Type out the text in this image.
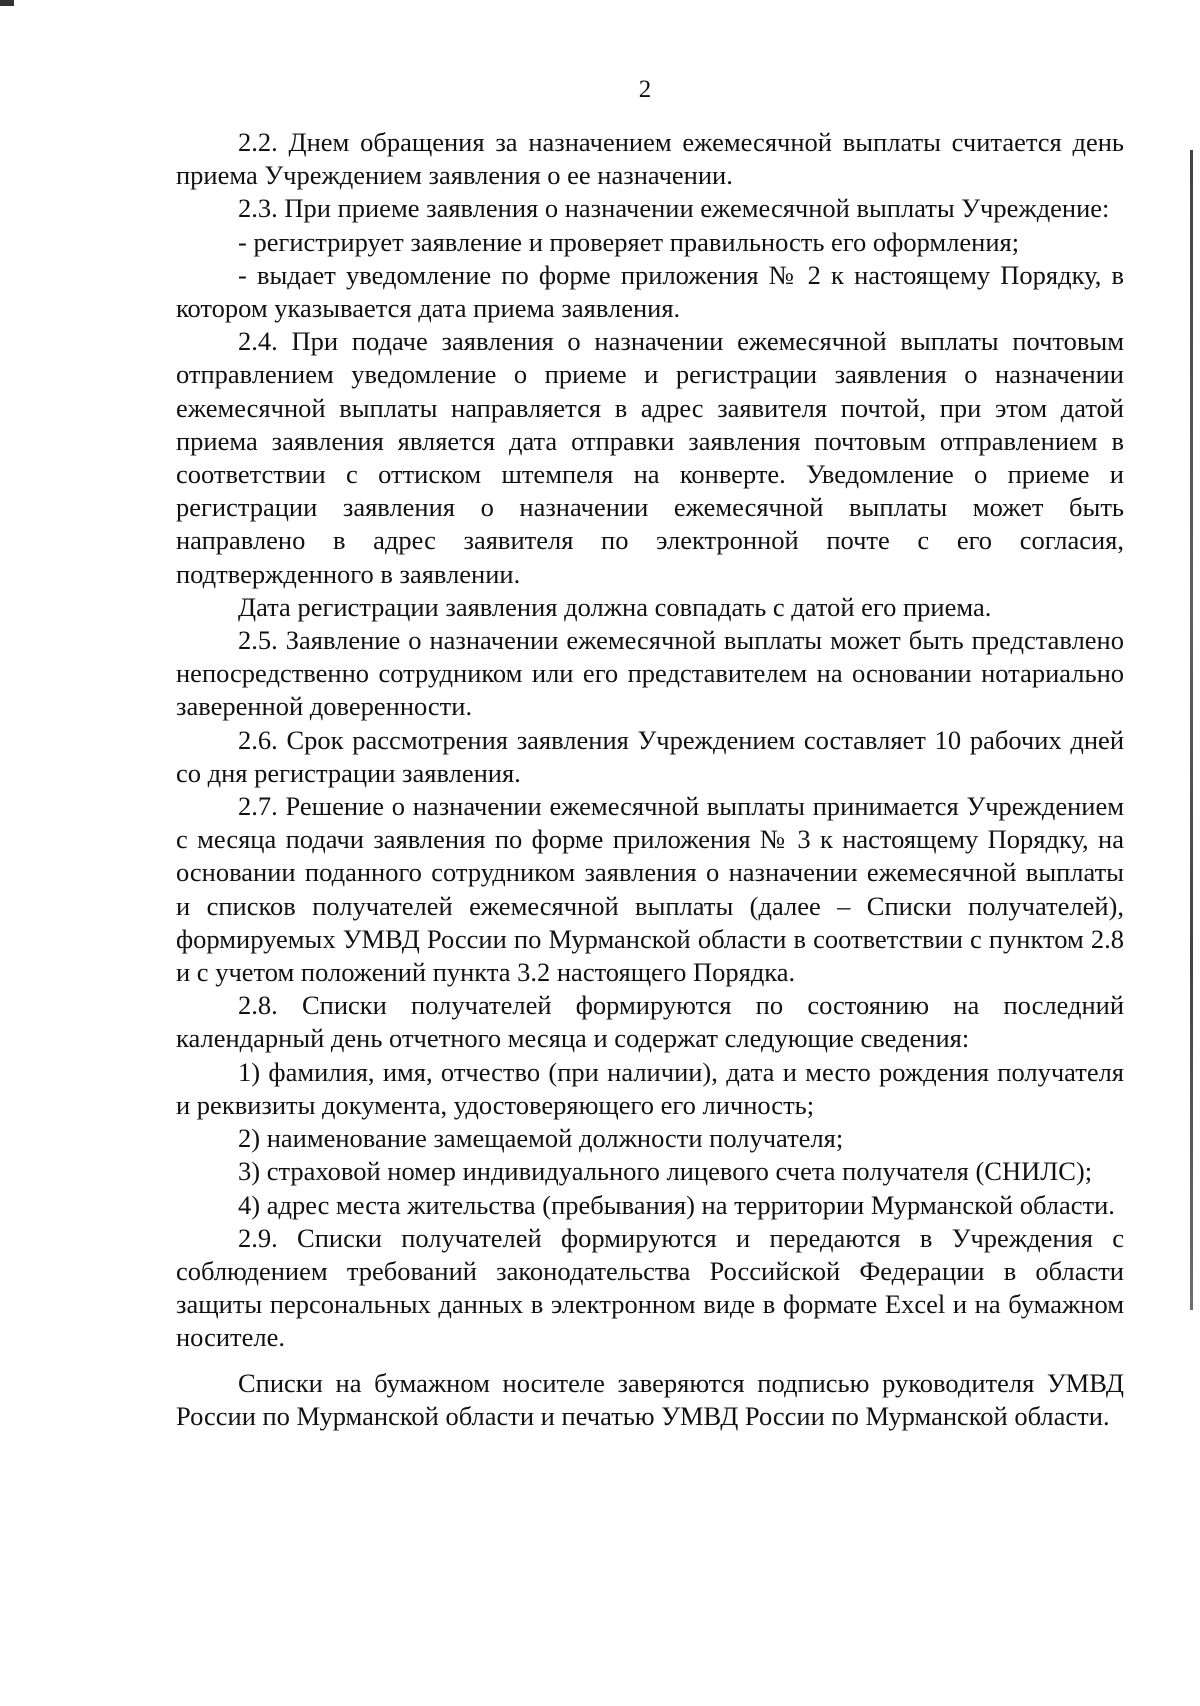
2

2.2. Днем обращения за назначением ежемесячной выплаты считается день приема Учреждением заявления о ее назначении.

2.3. При приеме заявления о назначении ежемесячной выплаты Учреждение:

- регистрирует заявление и проверяет правильность его оформления;

- выдает уведомление по форме приложения № 2 к настоящему Порядку, в котором указывается дата приема заявления.

2.4. При подаче заявления о назначении ежемесячной выплаты почтовым отправлением уведомление о приеме и регистрации заявления о назначении ежемесячной выплаты направляется в адрес заявителя почтой, при этом датой приема заявления является дата отправки заявления почтовым отправлением в соответствии с оттиском штемпеля на конверте. Уведомление о приеме и регистрации заявления о назначении ежемесячной выплаты может быть направлено в адрес заявителя по электронной почте с его согласия, подтвержденного в заявлении.

Дата регистрации заявления должна совпадать с датой его приема.

2.5. Заявление о назначении ежемесячной выплаты может быть представлено непосредственно сотрудником или его представителем на основании нотариально заверенной доверенности.

2.6. Срок рассмотрения заявления Учреждением составляет 10 рабочих дней со дня регистрации заявления.

2.7. Решение о назначении ежемесячной выплаты принимается Учреждением с месяца подачи заявления по форме приложения № 3 к настоящему Порядку, на основании поданного сотрудником заявления о назначении ежемесячной выплаты и списков получателей ежемесячной выплаты (далее – Списки получателей), формируемых УМВД России по Мурманской области в соответствии с пунктом 2.8 и с учетом положений пункта 3.2 настоящего Порядка.

2.8. Списки получателей формируются по состоянию на последний календарный день отчетного месяца и содержат следующие сведения:

1) фамилия, имя, отчество (при наличии), дата и место рождения получателя и реквизиты документа, удостоверяющего его личность;

2) наименование замещаемой должности получателя;

3) страховой номер индивидуального лицевого счета получателя (СНИЛС);

4) адрес места жительства (пребывания) на территории Мурманской области.

2.9. Списки получателей формируются и передаются в Учреждения с соблюдением требований законодательства Российской Федерации в области защиты персональных данных в электронном виде в формате Excel и на бумажном носителе.

Списки на бумажном носителе заверяются подписью руководителя УМВД России по Мурманской области и печатью УМВД России по Мурманской области.
